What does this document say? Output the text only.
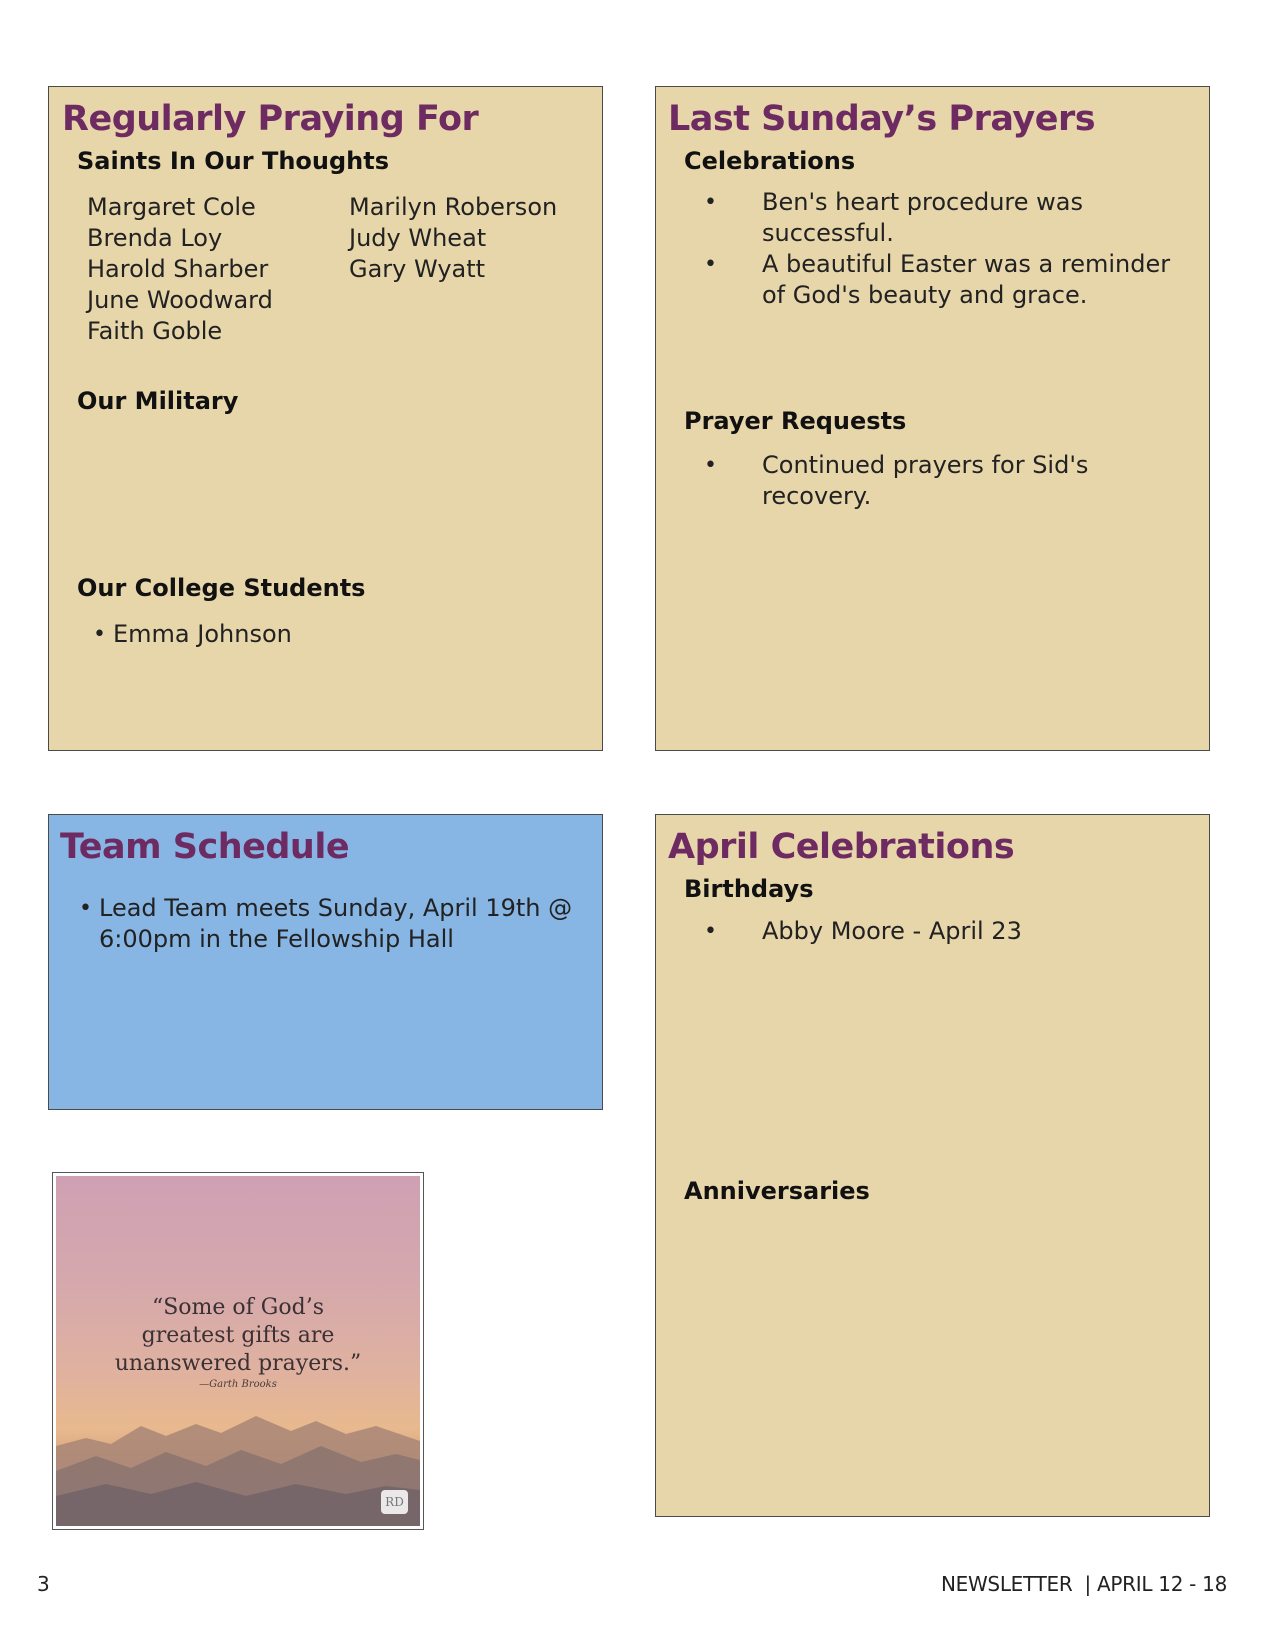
Regularly Praying For
Saints In Our Thoughts
Margaret Cole
Brenda Loy
Harold Sharber
June Woodward
Faith Goble
Marilyn Roberson
Judy Wheat
Gary Wyatt
Our Military
Our College Students
• Emma Johnson
Last Sunday’s Prayers
Celebrations
• Ben's heart procedure was successful.
• A beautiful Easter was a reminder of God's beauty and grace.
Prayer Requests
• Continued prayers for Sid's recovery.
Team Schedule
• Lead Team meets Sunday, April 19th @ 6:00pm in the Fellowship Hall
“Some of God’s
greatest gifts are
unanswered prayers.”
—Garth Brooks
RD
April Celebrations
Birthdays
• Abby Moore - April 23
Anniversaries
3	NEWSLETTER  | APRIL 12 - 18
